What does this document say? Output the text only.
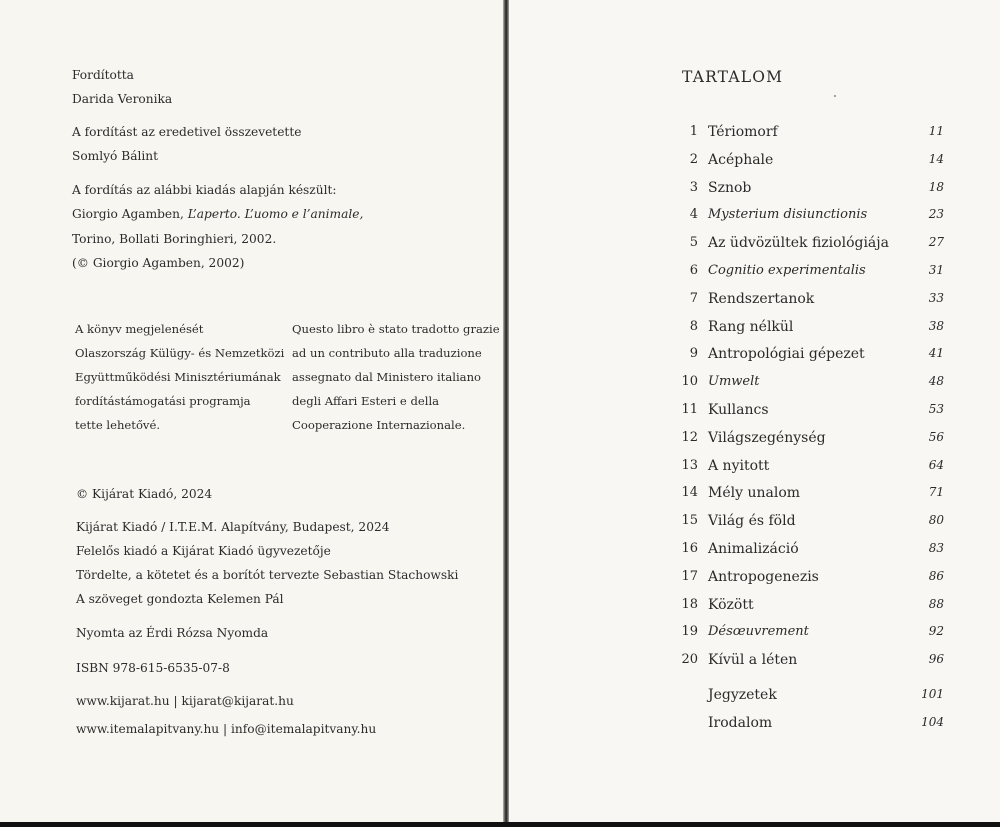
Fordította
Darida Veronika
A fordítást az eredetivel összevetette
Somlyó Bálint
A fordítás az alábbi kiadás alapján készült:
Giorgio Agamben, L’aperto. L’uomo e l’animale,
Torino, Bollati Boringhieri, 2002.
(© Giorgio Agamben, 2002)
A könyv megjelenését
Olaszország Külügy- és Nemzetközi
Együttműködési Minisztériumának
fordítástámogatási programja
tette lehetővé.
Questo libro è stato tradotto grazie
ad un contributo alla traduzione
assegnato dal Ministero italiano
degli Affari Esteri e della
Cooperazione Internazionale.
© Kijárat Kiadó, 2024
Kijárat Kiadó / I.T.E.M. Alapítvány, Budapest, 2024
Felelős kiadó a Kijárat Kiadó ügyvezetője
Tördelte, a kötetet és a borítót tervezte Sebastian Stachowski
A szöveget gondozta Kelemen Pál
Nyomta az Érdi Rózsa Nyomda
ISBN 978-615-6535-07-8
www.kijarat.hu | kijarat@kijarat.hu
www.itemalapitvany.hu | info@itemalapitvany.hu
TARTALOM
1 Tériomorf	11
2 Acéphale	14
3 Sznob	18
4 Mysterium disiunctionis	23
5 Az üdvözültek fiziológiája	27
6 Cognitio experimentalis	31
7 Rendszertanok	33
8 Rang nélkül	38
9 Antropológiai gépezet	41
10 Umwelt	48
11 Kullancs	53
12 Világszegénység	56
13 A nyitott	64
14 Mély unalom	71
15 Világ és föld	80
16 Animalizáció	83
17 Antropogenezis	86
18 Között	88
19 Désœuvrement	92
20 Kívül a léten	96
Jegyzetek	101
Irodalom	104
